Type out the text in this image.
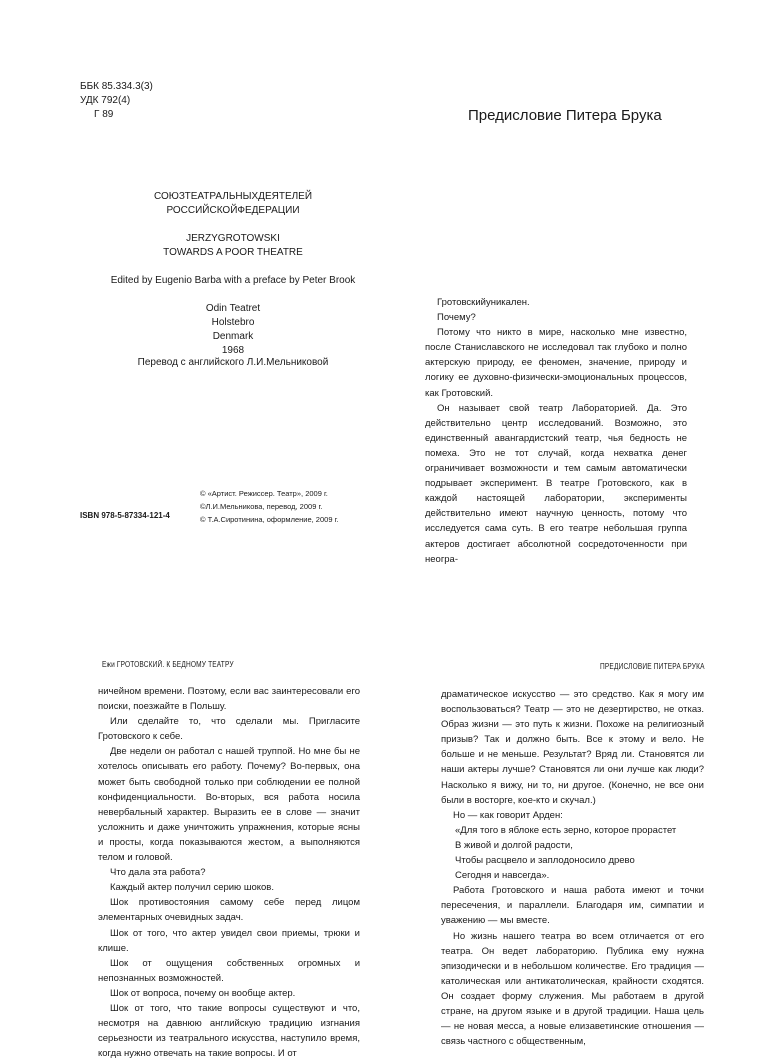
ББК 85.334.3(3)
УДК 792(4)
Г 89
СОЮЗТЕАТРАЛЬНЫХДЕЯТЕЛЕЙ
РОССИЙСКОЙФЕДЕРАЦИИ
JERZYGROTOWSKI
TOWARDS A POOR THEATRE
Edited by Eugenio Barba with a preface by Peter Brook
Odin Teatret
Holstebro
Denmark
1968
Перевод с английского Л.И.Мельниковой
ISBN 978-5-87334-121-4
© «Артист. Режиссер. Театр», 2009 г.
©Л.И.Мельникова, перевод, 2009 г.
© Т.А.Сиротинина, оформление, 2009 г.
Предисловие Питера Брука

Гротовскийуникален.

Почему?

Потому что никто в мире, насколько мне известно, после Станиславского не исследовал так глубоко и полно актерскую природу, ее феномен, значение, природу и логику ее духовно-физически-эмоциональных процессов, как Гротовский.

Он называет свой театр Лабораторией. Да. Это действительно центр исследований. Возможно, это единственный авангардистский театр, чья бедность не помеха. Это не тот случай, когда нехватка денег ограничивает возможности и тем самым автоматически подрывает эксперимент. В театре Гротовского, как в каждой настоящей лаборатории, эксперименты действительно имеют научную ценность, потому что исследуется сама суть. В его театре небольшая группа актеров достигает абсолютной сосредоточенности при неогра-

Ежи ГРОТОВСКИЙ. К БЕДНОМУ ТЕАТРУ

ничейном времени. Поэтому, если вас заинтересовали его поиски, поезжайте в Польшу.

Или сделайте то, что сделали мы. Пригласите Гротовского к себе.

Две недели он работал с нашей труппой. Но мне бы не хотелось описывать его работу. Почему? Во-первых, она может быть свободной только при соблюдении ее полной конфиденциальности. Во-вторых, вся работа носила невербальный характер. Выразить ее в слове — значит усложнить и даже уничтожить упражнения, которые ясны и просты, когда показываются жестом, а выполняются телом и головой.

Что дала эта работа?

Каждый актер получил серию шоков.

Шок противостояния самому себе перед лицом элементарных очевидных задач.

Шок от того, что актер увидел свои приемы, трюки и клише.

Шок от ощущения собственных огромных и непознанных возможностей.

Шок от вопроса, почему он вообще актер.

Шок от того, что такие вопросы существуют и что, несмотря на давнюю английскую традицию изгнания серьезности из театрального искусства, наступило время, когда нужно отвечать на такие вопросы. И от

ПРЕДИСЛОВИЕ ПИТЕРА БРУКА

драматическое искусство — это средство. Как я могу им воспользоваться? Театр — это не дезертирство, не отказ. Образ жизни — это путь к жизни. Похоже на религиозный призыв? Так и должно быть. Все к этому и вело. Не больше и не меньше. Результат? Вряд ли. Становятся ли наши актеры лучше? Становятся ли они лучше как люди? Насколько я вижу, ни то, ни другое. (Конечно, не все они были в восторге, кое-кто и скучал.)

Но — как говорит Арден:

«Для того в яблоке есть зерно, которое прорастет

В живой и долгой радости,

Чтобы расцвело и заплодоносило древо

Сегодня и навсегда».

Работа Гротовского и наша работа имеют и точки пересечения, и параллели. Благодаря им, симпатии и уважению — мы вместе.

Но жизнь нашего театра во всем отличается от его театра. Он ведет лабораторию. Публика ему нужна эпизодически и в небольшом количестве. Его традиция — католическая или антикатолическая, крайности сходятся. Он создает форму служения. Мы работаем в другой стране, на другом языке и в другой традиции. Наша цель — не новая месса, а новые елизаветинские отношения — связь частного с общественным,
